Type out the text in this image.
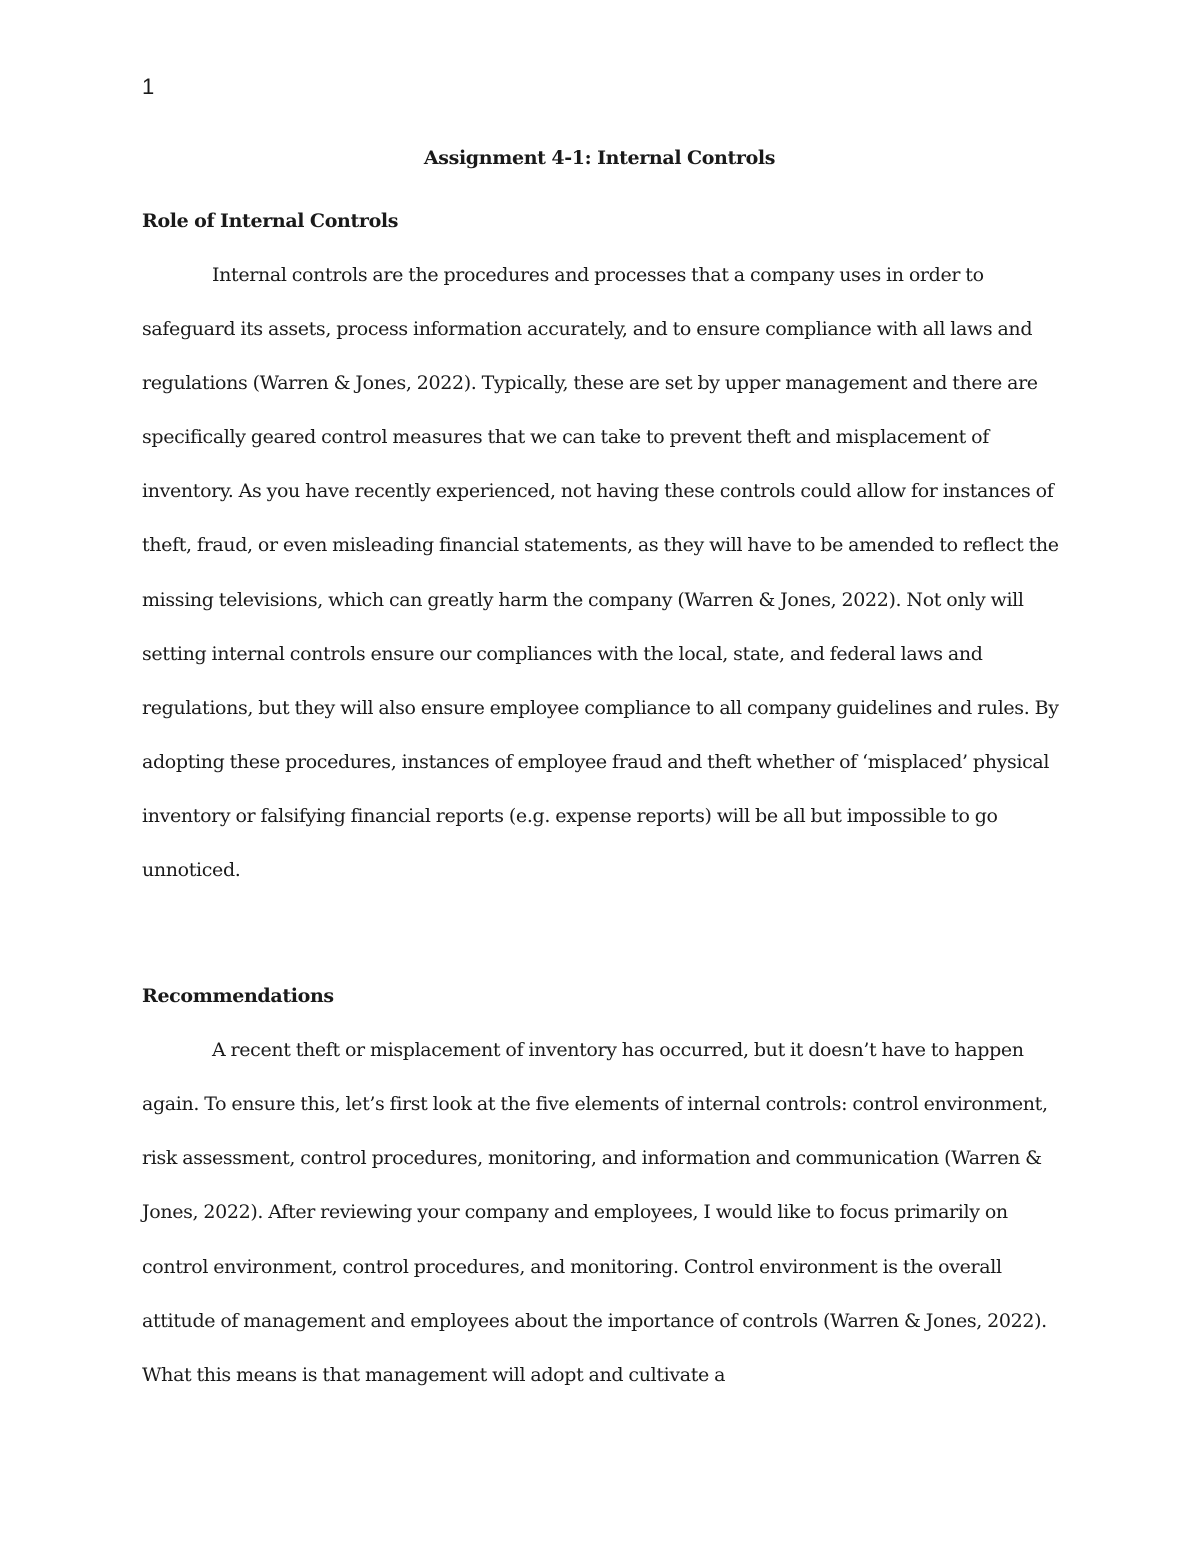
1
Assignment 4-1: Internal Controls
Role of Internal Controls

Internal controls are the procedures and processes that a company uses in order to safeguard its assets, process information accurately, and to ensure compliance with all laws and regulations (Warren & Jones, 2022). Typically, these are set by upper management and there are specifically geared control measures that we can take to prevent theft and misplacement of inventory. As you have recently experienced, not having these controls could allow for instances of theft, fraud, or even misleading financial statements, as they will have to be amended to reflect the missing televisions, which can greatly harm the company (Warren & Jones, 2022). Not only will setting internal controls ensure our compliances with the local, state, and federal laws and regulations, but they will also ensure employee compliance to all company guidelines and rules. By adopting these procedures, instances of employee fraud and theft whether of ‘misplaced’ physical inventory or falsifying financial reports (e.g. expense reports) will be all but impossible to go unnoticed.

Recommendations

A recent theft or misplacement of inventory has occurred, but it doesn’t have to happen again. To ensure this, let’s first look at the five elements of internal controls: control environment, risk assessment, control procedures, monitoring, and information and communication (Warren & Jones, 2022). After reviewing your company and employees, I would like to focus primarily on control environment, control procedures, and monitoring. Control environment is the overall attitude of management and employees about the importance of controls (Warren & Jones, 2022). What this means is that management will adopt and cultivate a
